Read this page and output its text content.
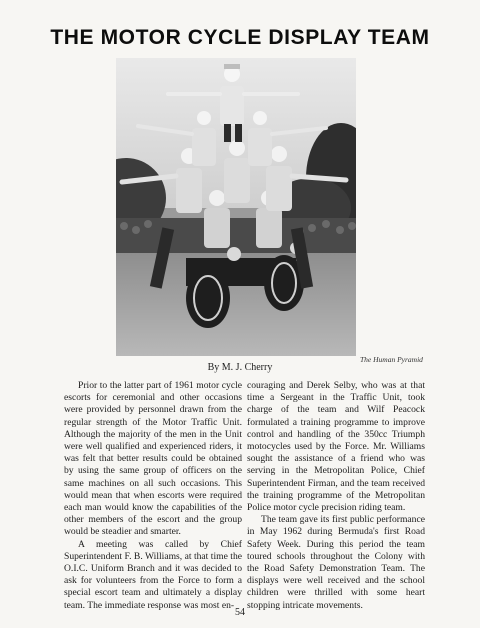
THE MOTOR CYCLE DISPLAY TEAM
The Human Pyramid
By M. J. Cherry

Prior to the latter part of 1961 motor cycle escorts for ceremonial and other occasions were provided by personnel drawn from the regular strength of the Motor Traffic Unit. Although the majority of the men in the Unit were well qualified and experienced riders, it was felt that better results could be obtained by using the same group of officers on the same machines on all such occasions. This would mean that when escorts were required each man would know the capabilities of the other members of the escort and the group would be steadier and smarter.

A meeting was called by Chief Superintendent F. B. Williams, at that time the O.I.C. Uniform Branch and it was decided to ask for volunteers from the Force to form a special escort team and ultimately a display team. The immediate response was most en-

couraging and Derek Selby, who was at that time a Sergeant in the Traffic Unit, took charge of the team and Wilf Peacock formulated a training programme to improve control and handling of the 350cc Triumph motocycles used by the Force. Mr. Williams sought the assistance of a friend who was serving in the Metropolitan Police, Chief Superintendent Firman, and the team received the training programme of the Metropolitan Police motor cycle precision riding team.

The team gave its first public performance in May 1962 during Bermuda's first Road Safety Week. During this period the team toured schools throughout the Colony with the Road Safety Demonstration Team. The displays were well received and the school children were thrilled with some heart stopping intricate movements.

54
